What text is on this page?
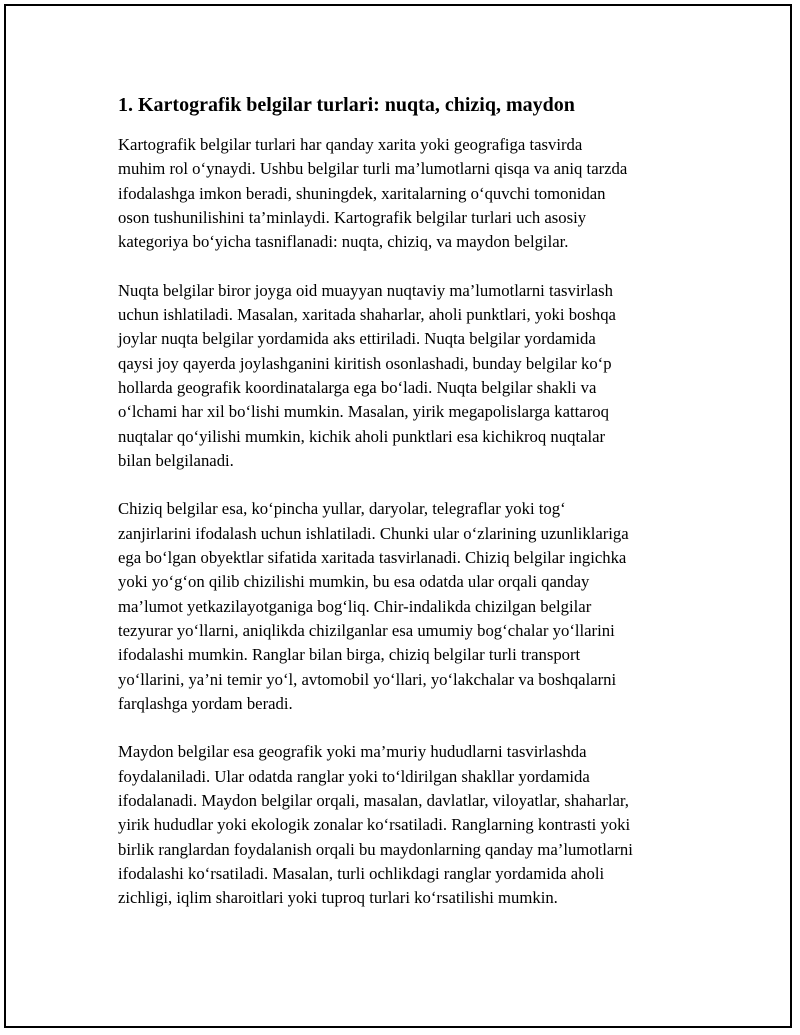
1. Kartografik belgilar turlari: nuqta, chiziq, maydon
Kartografik belgilar turlari har qanday xarita yoki geografiga tasvirda
muhim rol o‘ynaydi. Ushbu belgilar turli ma’lumotlarni qisqa va aniq tarzda
ifodalashga imkon beradi, shuningdek, xaritalarning o‘quvchi tomonidan
oson tushunilishini ta’minlaydi. Kartografik belgilar turlari uch asosiy
kategoriya bo‘yicha tasniflanadi: nuqta, chiziq, va maydon belgilar.
Nuqta belgilar biror joyga oid muayyan nuqtaviy ma’lumotlarni tasvirlash
uchun ishlatiladi. Masalan, xaritada shaharlar, aholi punktlari, yoki boshqa
joylar nuqta belgilar yordamida aks ettiriladi. Nuqta belgilar yordamida
qaysi joy qayerda joylashganini kiritish osonlashadi, bunday belgilar ko‘p
hollarda geografik koordinatalarga ega bo‘ladi. Nuqta belgilar shakli va
o‘lchami har xil bo‘lishi mumkin. Masalan, yirik megapolislarga kattaroq
nuqtalar qo‘yilishi mumkin, kichik aholi punktlari esa kichikroq nuqtalar
bilan belgilanadi.
Chiziq belgilar esa, ko‘pincha yullar, daryolar, telegraflar yoki tog‘
zanjirlarini ifodalash uchun ishlatiladi. Chunki ular o‘zlarining uzunliklariga
ega bo‘lgan obyektlar sifatida xaritada tasvirlanadi. Chiziq belgilar ingichka
yoki yo‘g‘on qilib chizilishi mumkin, bu esa odatda ular orqali qanday
ma’lumot yetkazilayotganiga bog‘liq. Chir-indalikda chizilgan belgilar
tezyurar yo‘llarni, aniqlikda chizilganlar esa umumiy bog‘chalar yo‘llarini
ifodalashi mumkin. Ranglar bilan birga, chiziq belgilar turli transport
yo‘llarini, ya’ni temir yo‘l, avtomobil yo‘llari, yo‘lakchalar va boshqalarni
farqlashga yordam beradi.
Maydon belgilar esa geografik yoki ma’muriy hududlarni tasvirlashda
foydalaniladi. Ular odatda ranglar yoki to‘ldirilgan shakllar yordamida
ifodalanadi. Maydon belgilar orqali, masalan, davlatlar, viloyatlar, shaharlar,
yirik hududlar yoki ekologik zonalar ko‘rsatiladi. Ranglarning kontrasti yoki
birlik ranglardan foydalanish orqali bu maydonlarning qanday ma’lumotlarni
ifodalashi ko‘rsatiladi. Masalan, turli ochlikdagi ranglar yordamida aholi
zichligi, iqlim sharoitlari yoki tuproq turlari ko‘rsatilishi mumkin.
